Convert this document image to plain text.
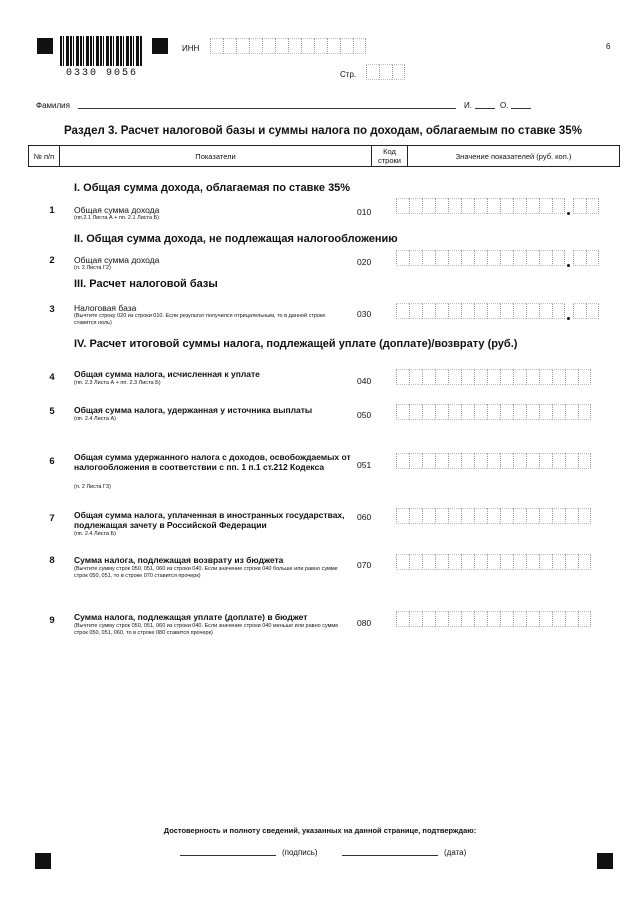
0330 9056
ИНН	6
Стр.
Фамилия	И.	О.
Раздел 3. Расчет налоговой базы и суммы налога по доходам, облагаемым по ставке 35%
№ п/п	Показатели	Код строки	Значение показателей (руб. коп.)
I. Общая сумма дохода, облагаемая по ставке 35%
1	Общая сумма дохода
(пп.2.1 Листа А + пп. 2.1 Листа Б)
010
II. Общая сумма дохода, не подлежащая налогообложению
2	Общая сумма дохода
(п. 2 Листа Г2)
020
III. Расчет налоговой базы
3	Налоговая база
(Вычтите строку 020 из строки 010. Если результат получился отрицательным, то в данной строке ставится ноль)
030
IV. Расчет итоговой суммы налога, подлежащей уплате (доплате)/возврату (руб.)
4	Общая сумма налога, исчисленная к уплате
(пп. 2.3 Листа А + пп. 2.3 Листа Б)	040
5	Общая сумма налога, удержанная у источника выплаты
(пп. 2.4 Листа А)	050
6	Общая сумма удержанного налога с доходов, освобождаемых от налогообложения в соответствии с пп. 1 п.1 ст.212 Кодекса
(п. 2 Листа Г3)
051
7	Общая сумма налога, уплаченная в иностранных государствах, подлежащая зачету в Российской Федерации
(пп. 2.4 Листа Б)
060
8	Сумма налога, подлежащая возврату из бюджета
(Вычтите сумму строк 050, 051, 060 из строки 040. Если значение строки 040 больше или равно сумме строк 050, 051, то в строке 070 ставится прочерк)
070
9	Сумма налога, подлежащая уплате (доплате) в бюджет
(Вычтите сумму строк 050, 051, 060 из строки 040. Если значение строки 040 меньше или равно сумме строк 050, 051, 060, то в строке 080 ставится прочерк)
080
Достоверность и полноту сведений, указанных на данной странице, подтверждаю:
(подпись)	(дата)
